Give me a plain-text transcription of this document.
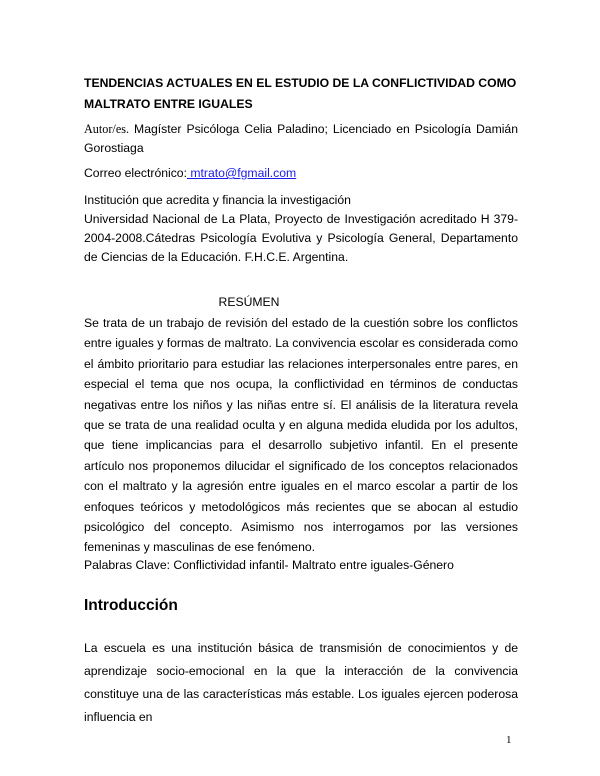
TENDENCIAS ACTUALES EN EL ESTUDIO DE LA CONFLICTIVIDAD COMO MALTRATO ENTRE IGUALES

Autor/es. Magíster Psicóloga Celia Paladino; Licenciado en Psicología Damián Gorostiaga

Correo electrónico: mtrato@fgmail.com

Institución que acredita y financia la investigación

Universidad Nacional de La Plata, Proyecto de Investigación acreditado H 379-2004-2008.Cátedras Psicología Evolutiva y Psicología General, Departamento de Ciencias de la Educación. F.H.C.E. Argentina.

RESÚMEN

Se trata de un trabajo de revisión del estado de la cuestión sobre los conflictos entre iguales y formas de maltrato. La convivencia escolar es considerada como el ámbito prioritario para estudiar las relaciones interpersonales entre pares, en especial el tema que nos ocupa, la conflictividad en términos de conductas negativas entre los niños y las niñas entre sí. El análisis de la literatura revela que se trata de una realidad oculta y en alguna medida eludida por los adultos, que tiene implicancias para el desarrollo subjetivo infantil. En el presente artículo nos proponemos dilucidar el significado de los conceptos relacionados con el maltrato y la agresión entre iguales en el marco escolar a partir de los enfoques teóricos y metodológicos más recientes que se abocan al estudio psicológico del concepto. Asimismo nos interrogamos por las versiones femeninas y masculinas de ese fenómeno.

Palabras Clave: Conflictividad infantil- Maltrato entre iguales-Género

Introducción

La escuela es una institución básica de transmisión de conocimientos y de aprendizaje socio-emocional en la que la interacción de la convivencia constituye una de las características más estable. Los iguales ejercen poderosa influencia en

1
